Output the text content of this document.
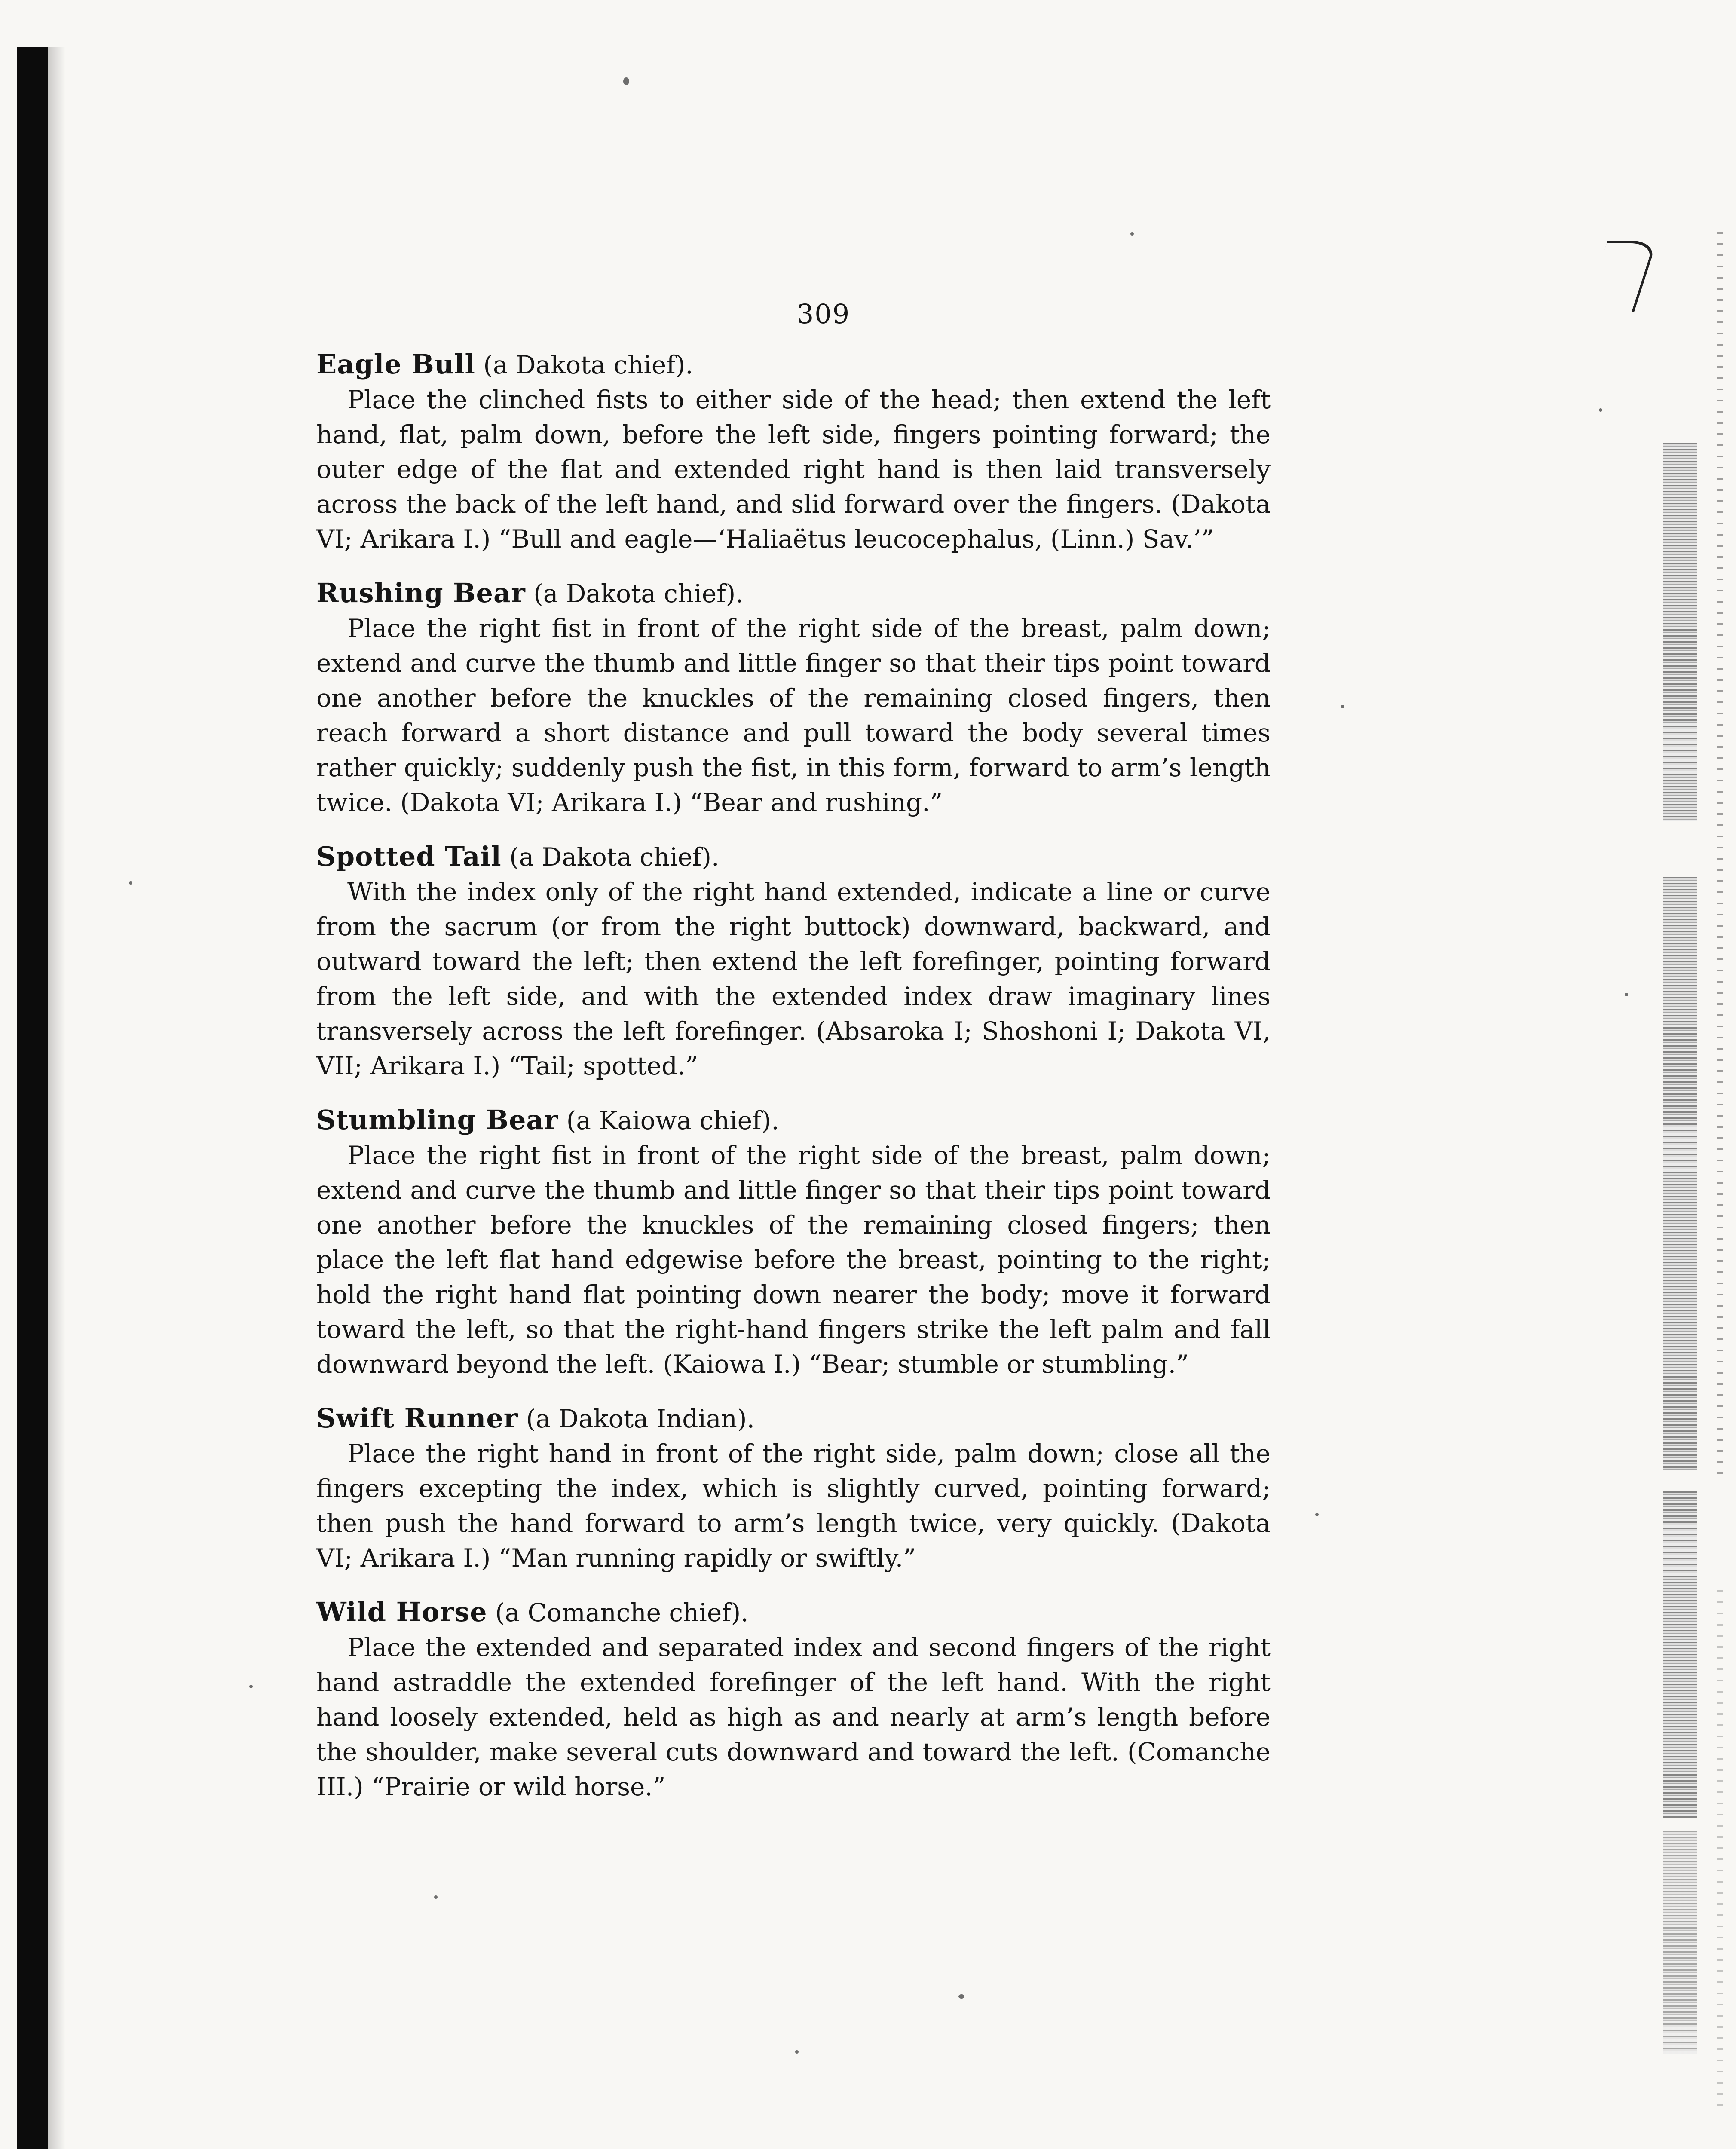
309

Eagle Bull (a Dakota chief).

Place the clinched fists to either side of the head; then extend the left hand, flat, palm down, before the left side, fingers pointing forward; the outer edge of the flat and extended right hand is then laid transversely across the back of the left hand, and slid forward over the fingers. (Dakota VI; Arikara I.) “Bull and eagle—‘Haliaëtus leucocephalus, (Linn.) Sav.’”

Rushing Bear (a Dakota chief).

Place the right fist in front of the right side of the breast, palm down; extend and curve the thumb and little finger so that their tips point toward one another before the knuckles of the remaining closed fingers, then reach forward a short distance and pull toward the body several times rather quickly; suddenly push the fist, in this form, forward to arm’s length twice. (Dakota VI; Arikara I.) “Bear and rushing.”

Spotted Tail (a Dakota chief).

With the index only of the right hand extended, indicate a line or curve from the sacrum (or from the right buttock) downward, backward, and outward toward the left; then extend the left forefinger, pointing forward from the left side, and with the extended index draw imaginary lines transversely across the left forefinger. (Absaroka I; Shoshoni I; Dakota VI, VII; Arikara I.) “Tail; spotted.”

Stumbling Bear (a Kaiowa chief).

Place the right fist in front of the right side of the breast, palm down; extend and curve the thumb and little finger so that their tips point toward one another before the knuckles of the remaining closed fingers; then place the left flat hand edgewise before the breast, pointing to the right; hold the right hand flat pointing down nearer the body; move it forward toward the left, so that the right-hand fingers strike the left palm and fall downward beyond the left. (Kaiowa I.) “Bear; stumble or stumbling.”

Swift Runner (a Dakota Indian).

Place the right hand in front of the right side, palm down; close all the fingers excepting the index, which is slightly curved, pointing forward; then push the hand forward to arm’s length twice, very quickly. (Dakota VI; Arikara I.) “Man running rapidly or swiftly.”

Wild Horse (a Comanche chief).

Place the extended and separated index and second fingers of the right hand astraddle the extended forefinger of the left hand. With the right hand loosely extended, held as high as and nearly at arm’s length before the shoulder, make several cuts downward and toward the left. (Comanche III.) “Prairie or wild horse.”
